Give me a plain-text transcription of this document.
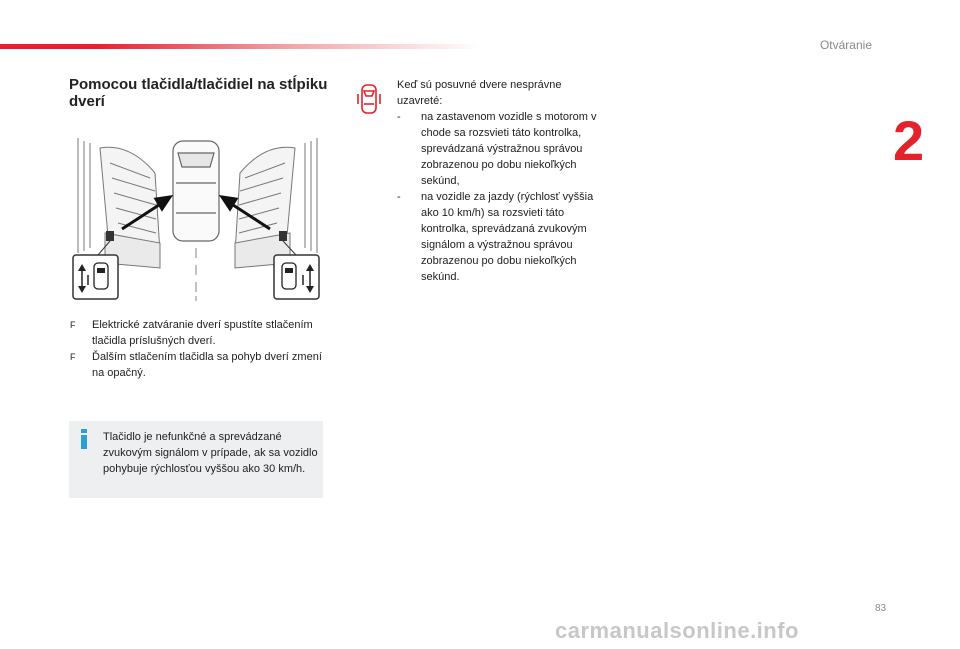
Otváranie
2
Pomocou tlačidla/tlačidiel na stĺpiku dverí
F Elektrické zatváranie dverí spustíte stlačením tlačidla príslušných dverí.
F Ďalším stlačením tlačidla sa pohyb dverí zmení na opačný.
Tlačidlo je nefunkčné a sprevádzané zvukovým signálom v prípade, ak sa vozidlo pohybuje rýchlosťou vyššou ako 30 km/h.
Keď sú posuvné dvere nesprávne uzavreté:
- na zastavenom vozidle s motorom v chode sa rozsvieti táto kontrolka, sprevádzaná výstražnou správou zobrazenou po dobu niekoľkých sekúnd,
- na vozidle za jazdy (rýchlosť vyššia ako 10 km/h) sa rozsvieti táto kontrolka, sprevádzaná zvukovým signálom a výstražnou správou zobrazenou po dobu niekoľkých sekúnd.
83
carmanualsonline.info
